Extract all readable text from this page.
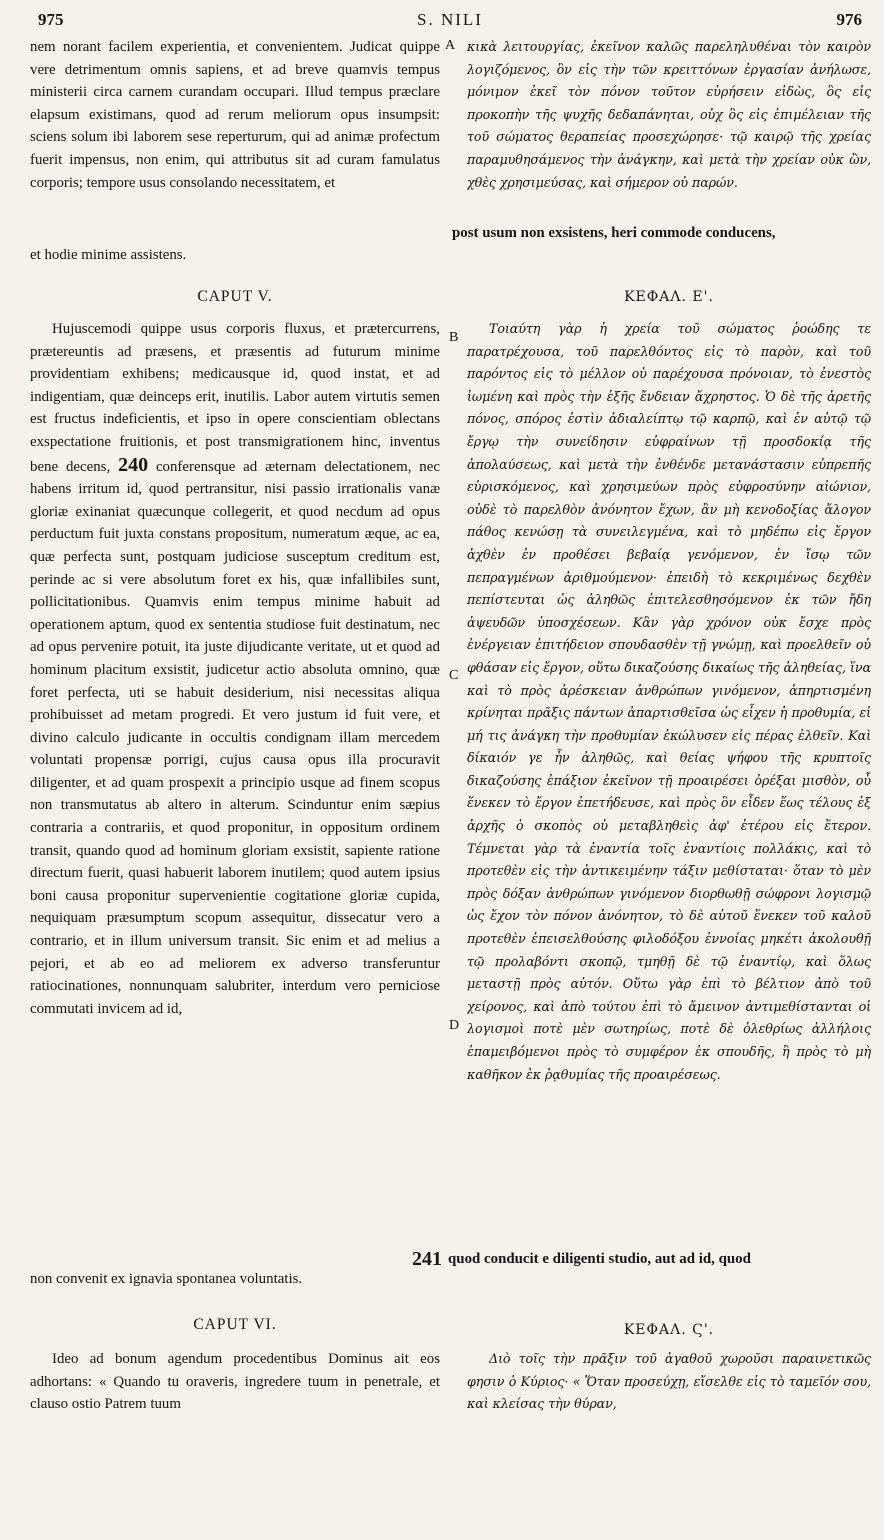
975	S. NILI	976

nem norant facilem experientia, et convenientem. Judicat quippe vere detrimentum omnis sapiens, et ad breve quamvis tempus ministerii circa carnem curandam occupari. Illud tempus præclare elapsum existimans, quod ad rerum meliorum opus insumpsit: sciens solum ibi laborem sese reperturum, qui ad animæ profectum fuerit impensus, non enim, qui attributus sit ad curam famulatus corporis; tempore usus consolando necessitatem, et

A κικὰ λειτουργίας, ἐκεῖνον καλῶς παρεληλυθέναι τὸν καιρὸν λογιζόμενος, ὃν εἰς τὴν τῶν κρειττόνων ἐργασίαν ἀνήλωσε, μόνιμον ἐκεῖ τὸν πόνον τοῦτον εὑρήσειν εἰδὼς, ὃς εἰς προκοπὴν τῆς ψυχῆς δεδαπάνηται, οὐχ ὃς εἰς ἐπιμέλειαν τῆς τοῦ σώματος θεραπείας προσεχώρησε· τῷ καιρῷ τῆς χρείας παραμυθησάμενος τὴν ἀνάγκην, καὶ μετὰ τὴν χρείαν οὐκ ὢν, χθὲς χρησιμεύσας, καὶ σήμερον οὐ παρών.

post usum non exsistens, heri commode conducens,

et hodie minime assistens.

CAPUT V.	ΚΕΦΑΛ. Ε'.

Hujuscemodi quippe usus corporis fluxus, et prætercurrens, prætereuntis ad præsens, et præsentis ad futurum minime providentiam exhibens; medicausque id, quod instat, et ad indigentiam, quæ deinceps erit, inutilis. Labor autem virtutis semen est fructus indeficientis, et ipso in opere conscientiam oblectans exspectatione fruitionis, et post transmigrationem hinc, inventus bene decens, 240 conferensque ad æternam delectationem, nec habens irritum id, quod pertransitur, nisi passio irrationalis vanæ gloriæ exinaniat quæcunque collegerit, et quod necdum ad opus perductum fuit juxta constans propositum, numeratum æque, ac ea, quæ perfecta sunt, postquam judiciose susceptum creditum est, perinde ac si vere absolutum foret ex his, quæ infallibiles sunt, pollicitationibus. Quamvis enim tempus minime habuit ad operationem aptum, quod ex sententia studiose fuit destinatum, nec ad opus pervenire potuit, ita juste dijudicante veritate, ut et quod ad hominum placitum exsistit, judicetur actio absoluta omnino, quæ foret perfecta, uti se habuit desiderium, nisi necessitas aliqua prohibuisset ad metam progredi. Et vero justum id fuit vere, et divino calculo judicante in occultis condignam illam mercedem voluntati propensæ porrigi, cujus causa opus illa procuravit diligenter, et ad quam prospexit a principio usque ad finem scopus non transmutatus ab altero in alterum. Scinduntur enim sæpius contraria a contrariis, et quod proponitur, in oppositum ordinem transit, quando quod ad hominum gloriam exsistit, sapiente ratione directum fuerit, quasi habuerit laborem inutilem; quod autem ipsius boni causa proponitur supervenientie cogitatione gloriæ cupida, nequiquam præsumptum scopum assequitur, dissecatur vero a contrario, et in illum universum transit. Sic enim et ad melius a pejori, et ab eo ad meliorem ex adverso transferuntur ratiocinationes, nonnunquam salubriter, interdum vero perniciose commutati invicem ad id,

B
C
D

Τοιαύτη γὰρ ἡ χρεία τοῦ σώματος ῥοώδης τε παρατρέχουσα, τοῦ παρελθόντος εἰς τὸ παρὸν, καὶ τοῦ παρόντος εἰς τὸ μέλλον οὐ παρέχουσα πρόνοιαν, τὸ ἐνεστὸς ἰωμένη καὶ πρὸς τὴν ἑξῆς ἔνδειαν ἄχρηστος. Ὁ δὲ τῆς ἀρετῆς πόνος, σπόρος ἐστὶν ἀδιαλείπτῳ τῷ καρπῷ, καὶ ἐν αὐτῷ τῷ ἔργῳ τὴν συνείδησιν εὐφραίνων τῇ προσδοκίᾳ τῆς ἀπολαύσεως, καὶ μετὰ τὴν ἐνθένδε μετανάστασιν εὐπρεπῆς εὑρισκόμενος, καὶ χρησιμεύων πρὸς εὐφροσύνην αἰώνιον, οὐδὲ τὸ παρελθὸν ἀνόνητον ἔχων, ἂν μὴ κενοδοξίας ἄλογον πάθος κενώσῃ τὰ συνειλεγμένα, καὶ τὸ μηδέπω εἰς ἔργον ἀχθὲν ἐν προθέσει βεβαίᾳ γενόμενον, ἐν ἴσῳ τῶν πεπραγμένων ἀριθμούμενον· ἐπειδὴ τὸ κεκριμένως δεχθὲν πεπίστευται ὡς ἀληθῶς ἐπιτελεσθησόμενον ἐκ τῶν ἤδη ἀψευδῶν ὑποσχέσεων. Κἂν γὰρ χρόνον οὐκ ἔσχε πρὸς ἐνέργειαν ἐπιτήδειον σπουδασθὲν τῇ γνώμῃ, καὶ προελθεῖν οὐ φθάσαν εἰς ἔργον, οὕτω δικαζούσης δικαίως τῆς ἀληθείας, ἵνα καὶ τὸ πρὸς ἀρέσκειαν ἀνθρώπων γινόμενον, ἀπηρτισμένη κρίνηται πρᾶξις πάντων ἀπαρτισθεῖσα ὡς εἶχεν ἡ προθυμία, εἰ μή τις ἀνάγκη τὴν προθυμίαν ἐκώλυσεν εἰς πέρας ἐλθεῖν. Καὶ δίκαιόν γε ἦν ἀληθῶς, καὶ θείας ψήφου τῆς κρυπτοῖς δικαζούσης ἐπάξιον ἐκεῖνον τῇ προαιρέσει ὀρέξαι μισθὸν, οὗ ἕνεκεν τὸ ἔργον ἐπετήδευσε, καὶ πρὸς ὃν εἶδεν ἕως τέλους ἐξ ἀρχῆς ὁ σκοπὸς οὐ μεταβληθεὶς ἀφ' ἑτέρου εἰς ἕτερον. Τέμνεται γὰρ τὰ ἐναντία τοῖς ἐναντίοις πολλάκις, καὶ τὸ προτεθὲν εἰς τὴν ἀντικειμένην τάξιν μεθίσταται· ὅταν τὸ μὲν πρὸς δόξαν ἀνθρώπων γινόμενον διορθωθῇ σώφρονι λογισμῷ ὡς ἔχον τὸν πόνον ἀνόνητον, τὸ δὲ αὐτοῦ ἕνεκεν τοῦ καλοῦ προτεθὲν ἐπεισελθούσης φιλοδόξου ἐννοίας μηκέτι ἀκολουθῇ τῷ προλαβόντι σκοπῷ, τμηθῇ δὲ τῷ ἐναντίῳ, καὶ ὅλως μεταστῇ πρὸς αὐτόν. Οὕτω γὰρ ἐπὶ τὸ βέλτιον ἀπὸ τοῦ χείρονος, καὶ ἀπὸ τούτου ἐπὶ τὸ ἄμεινον ἀντιμεθίστανται οἱ λογισμοὶ ποτὲ μὲν σωτηρίως, ποτὲ δὲ ὀλεθρίως ἀλλήλοις ἐπαμειβόμενοι πρὸς τὸ συμφέρον ἐκ σπουδῆς, ἢ πρὸς τὸ μὴ καθῆκον ἐκ ῥᾳθυμίας τῆς προαιρέσεως.

241 quod conducit e diligenti studio, aut ad id, quod

non convenit ex ignavia spontanea voluntatis.

CAPUT VI.	ΚΕΦΑΛ. Ϛ'.

Ideo ad bonum agendum procedentibus Dominus ait eos adhortans: « Quando tu oraveris, ingredere tuum in penetrale, et clauso ostio Patrem tuum

Διὸ τοῖς τὴν πρᾶξιν τοῦ ἀγαθοῦ χωροῦσι παραινετικῶς φησιν ὁ Κύριος· « Ὅταν προσεύχῃ, εἴσελθε εἰς τὸ ταμεῖόν σου, καὶ κλείσας τὴν θύραν,
